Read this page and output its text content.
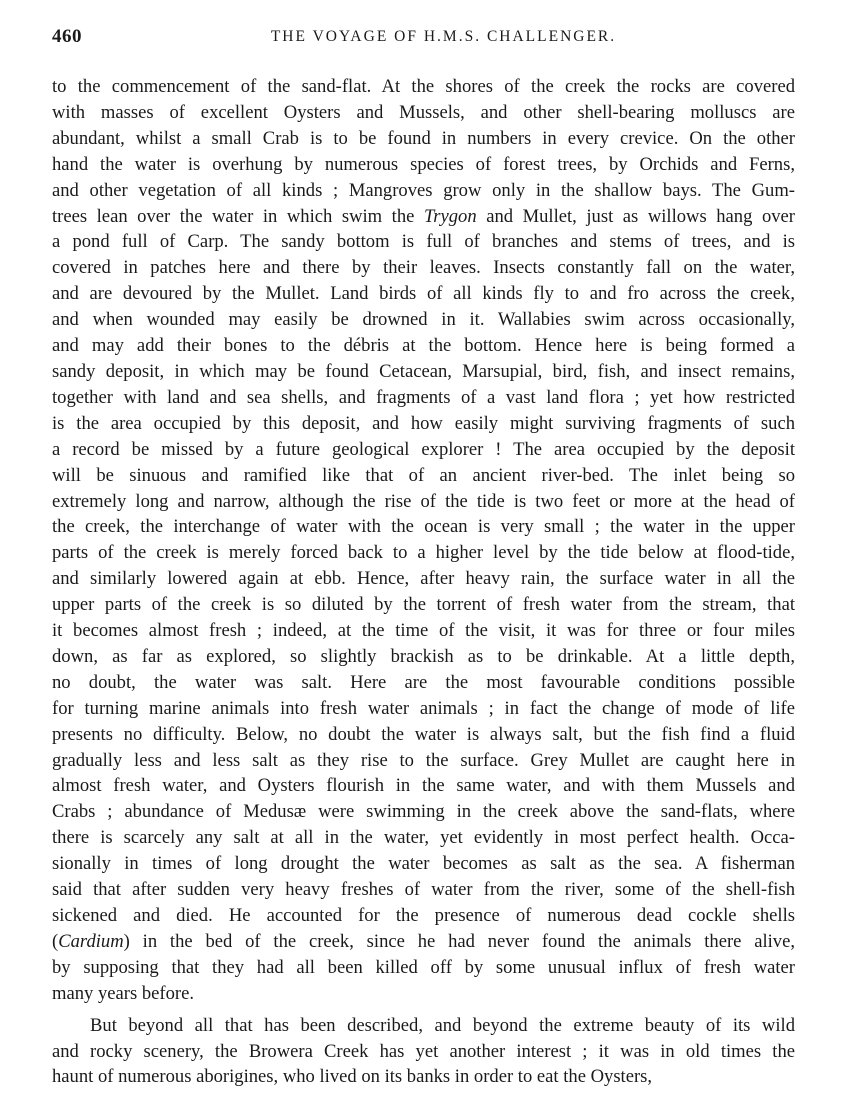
460	THE VOYAGE OF H.M.S. CHALLENGER.
to the commencement of the sand-flat. At the shores of the creek the rocks are covered
with masses of excellent Oysters and Mussels, and other shell-bearing molluscs are
abundant, whilst a small Crab is to be found in numbers in every crevice. On the other
hand the water is overhung by numerous species of forest trees, by Orchids and Ferns,
and other vegetation of all kinds ; Mangroves grow only in the shallow bays. The Gum-
trees lean over the water in which swim the Trygon and Mullet, just as willows hang over
a pond full of Carp. The sandy bottom is full of branches and stems of trees, and is
covered in patches here and there by their leaves. Insects constantly fall on the water,
and are devoured by the Mullet. Land birds of all kinds fly to and fro across the creek,
and when wounded may easily be drowned in it. Wallabies swim across occasionally,
and may add their bones to the débris at the bottom. Hence here is being formed a
sandy deposit, in which may be found Cetacean, Marsupial, bird, fish, and insect remains,
together with land and sea shells, and fragments of a vast land flora ; yet how restricted
is the area occupied by this deposit, and how easily might surviving fragments of such
a record be missed by a future geological explorer ! The area occupied by the deposit
will be sinuous and ramified like that of an ancient river-bed. The inlet being so
extremely long and narrow, although the rise of the tide is two feet or more at the head of
the creek, the interchange of water with the ocean is very small ; the water in the upper
parts of the creek is merely forced back to a higher level by the tide below at flood-tide,
and similarly lowered again at ebb. Hence, after heavy rain, the surface water in all the
upper parts of the creek is so diluted by the torrent of fresh water from the stream, that
it becomes almost fresh ; indeed, at the time of the visit, it was for three or four miles
down, as far as explored, so slightly brackish as to be drinkable. At a little depth,
no doubt, the water was salt. Here are the most favourable conditions possible
for turning marine animals into fresh water animals ; in fact the change of mode of life
presents no difficulty. Below, no doubt the water is always salt, but the fish find a fluid
gradually less and less salt as they rise to the surface. Grey Mullet are caught here in
almost fresh water, and Oysters flourish in the same water, and with them Mussels and
Crabs ; abundance of Medusæ were swimming in the creek above the sand-flats, where
there is scarcely any salt at all in the water, yet evidently in most perfect health. Occa-
sionally in times of long drought the water becomes as salt as the sea. A fisherman
said that after sudden very heavy freshes of water from the river, some of the shell-fish
sickened and died. He accounted for the presence of numerous dead cockle shells
(Cardium) in the bed of the creek, since he had never found the animals there alive,
by supposing that they had all been killed off by some unusual influx of fresh water
many years before.
But beyond all that has been described, and beyond the extreme beauty of its wild
and rocky scenery, the Browera Creek has yet another interest ; it was in old times the
haunt of numerous aborigines, who lived on its banks in order to eat the Oysters,
